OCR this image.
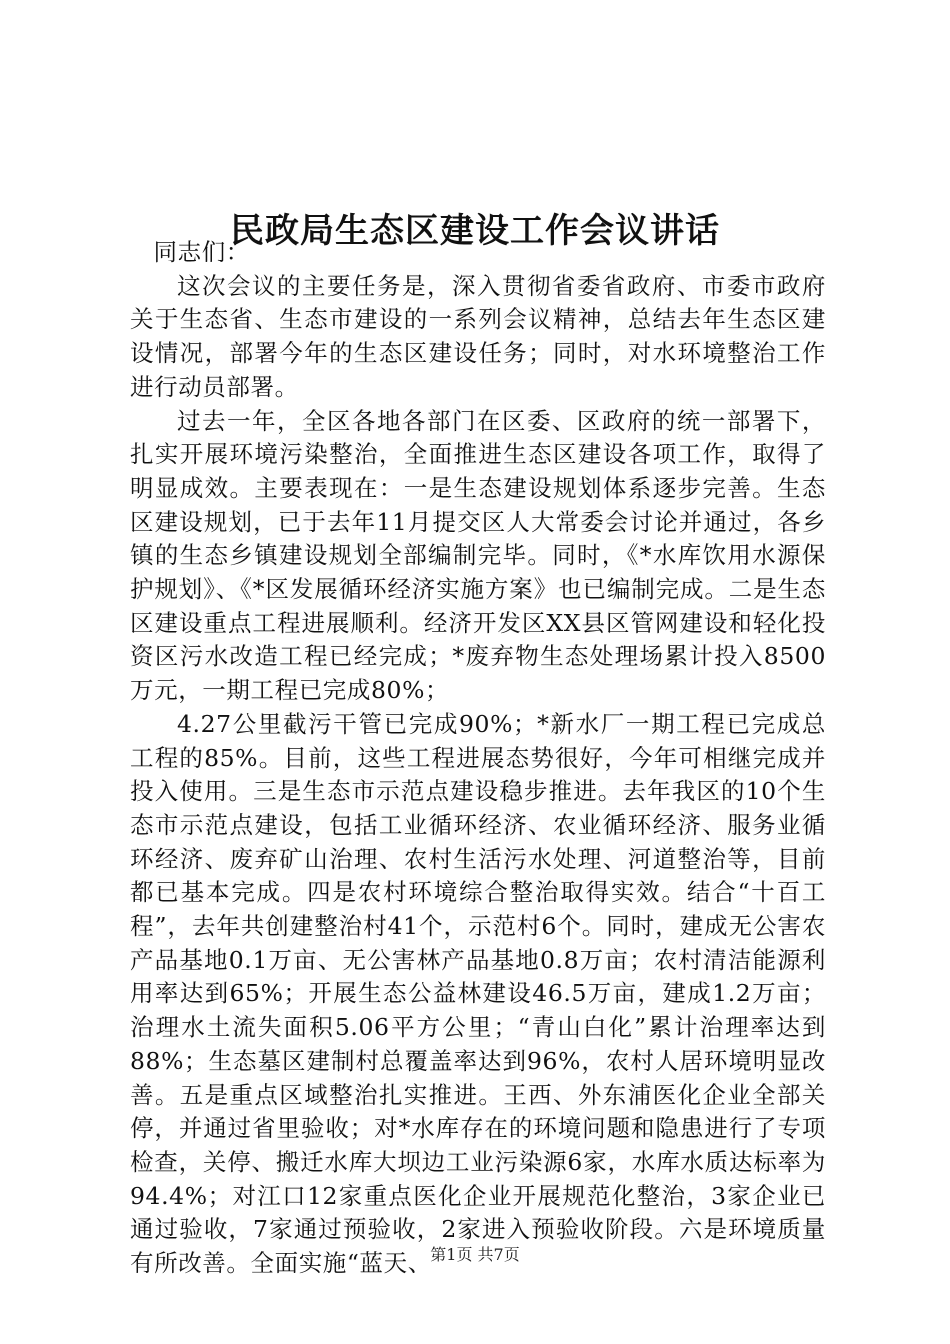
民政局生态区建设工作会议讲话

同志们：

这次会议的主要任务是，深入贯彻省委省政府、市委市政府关于生态省、生态市建设的一系列会议精神，总结去年生态区建设情况，部署今年的生态区建设任务；同时，对水环境整治工作进行动员部署。

过去一年，全区各地各部门在区委、区政府的统一部署下，扎实开展环境污染整治，全面推进生态区建设各项工作，取得了明显成效。主要表现在：一是生态建设规划体系逐步完善。生态区建设规划，已于去年11月提交区人大常委会讨论并通过，各乡镇的生态乡镇建设规划全部编制完毕。同时，《*水库饮用水源保护规划》、《*区发展循环经济实施方案》也已编制完成。二是生态区建设重点工程进展顺利。经济开发区XX县区管网建设和轻化投资区污水改造工程已经完成；*废弃物生态处理场累计投入8500万元，一期工程已完成80%；

4.27公里截污干管已完成90%；*新水厂一期工程已完成总工程的85%。目前，这些工程进展态势很好，今年可相继完成并投入使用。三是生态市示范点建设稳步推进。去年我区的10个生态市示范点建设，包括工业循环经济、农业循环经济、服务业循环经济、废弃矿山治理、农村生活污水处理、河道整治等，目前都已基本完成。四是农村环境综合整治取得实效。结合“十百工程”，去年共创建整治村41个，示范村6个。同时，建成无公害农产品基地0.1万亩、无公害林产品基地0.8万亩；农村清洁能源利用率达到65%；开展生态公益林建设46.5万亩，建成1.2万亩；治理水土流失面积5.06平方公里；“青山白化”累计治理率达到88%；生态墓区建制村总覆盖率达到96%，农村人居环境明显改善。五是重点区域整治扎实推进。王西、外东浦医化企业全部关停，并通过省里验收；对*水库存在的环境问题和隐患进行了专项检查，关停、搬迁水库大坝边工业污染源6家，水库水质达标率为94.4%；对江口12家重点医化企业开展规范化整治，3家企业已通过验收，7家通过预验收，2家进入预验收阶段。六是环境质量有所改善。全面实施“蓝天、

第1页 共7页
